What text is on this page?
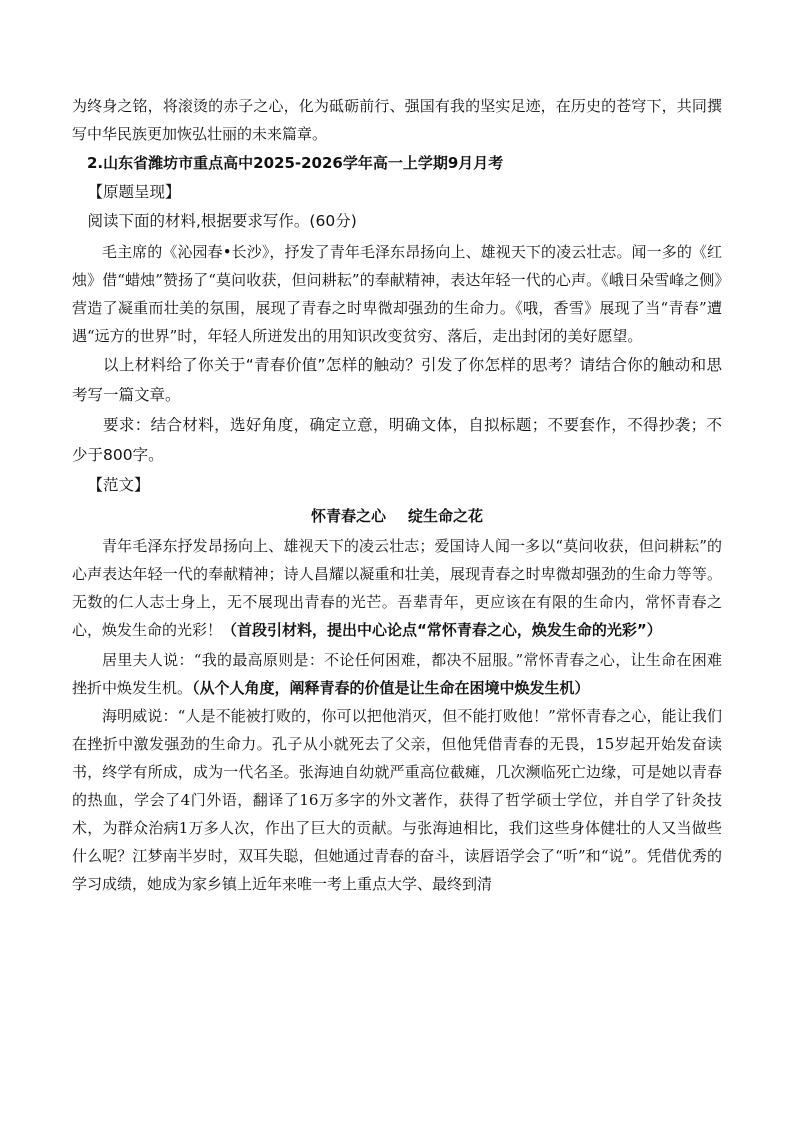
为终身之铭，将滚烫的赤子之心，化为砥砺前行、强国有我的坚实足迹，在历史的苍穹下，共同撰写中华民族更加恢弘壮丽的未来篇章。

2.山东省潍坊市重点高中2025-2026学年高一上学期9月月考

【原题呈现】

阅读下面的材料,根据要求写作。(60分)

毛主席的《沁园春•长沙》，抒发了青年毛泽东昂扬向上、雄视天下的凌云壮志。闻一多的《红烛》借“蜡烛”赞扬了“莫问收获，但问耕耘”的奉献精神，表达年轻一代的心声。《峨日朵雪峰之侧》营造了凝重而壮美的氛围，展现了青春之时卑微却强劲的生命力。《哦，香雪》展现了当“青春”遭遇“远方的世界”时，年轻人所迸发出的用知识改变贫穷、落后，走出封闭的美好愿望。

以上材料给了你关于“青春价值”怎样的触动？引发了你怎样的思考？请结合你的触动和思考写一篇文章。

要求：结合材料，选好角度，确定立意，明确文体，自拟标题；不要套作，不得抄袭；不少于800字。

【范文】

怀青春之心 绽生命之花

青年毛泽东抒发昂扬向上、雄视天下的凌云壮志；爱国诗人闻一多以“莫问收获，但问耕耘”的心声表达年轻一代的奉献精神；诗人昌耀以凝重和壮美，展现青春之时卑微却强劲的生命力等等。无数的仁人志士身上，无不展现出青春的光芒。吾辈青年，更应该在有限的生命内，常怀青春之心，焕发生命的光彩！（首段引材料，提出中心论点“常怀青春之心，焕发生命的光彩”）

居里夫人说：“我的最高原则是：不论任何困难，都决不屈服。”常怀青春之心，让生命在困难挫折中焕发生机。（从个人角度，阐释青春的价值是让生命在困境中焕发生机）

海明威说：“人是不能被打败的，你可以把他消灭，但不能打败他！”常怀青春之心，能让我们在挫折中激发强劲的生命力。孔子从小就死去了父亲，但他凭借青春的无畏，15岁起开始发奋读书，终学有所成，成为一代名圣。张海迪自幼就严重高位截瘫，几次濒临死亡边缘，可是她以青春的热血，学会了4门外语，翻译了16万多字的外文著作，获得了哲学硕士学位，并自学了针灸技术，为群众治病1万多人次，作出了巨大的贡献。与张海迪相比，我们这些身体健壮的人又当做些什么呢？江梦南半岁时，双耳失聪，但她通过青春的奋斗，读唇语学会了“听”和“说”。凭借优秀的学习成绩，她成为家乡镇上近年来唯一考上重点大学、最终到清
